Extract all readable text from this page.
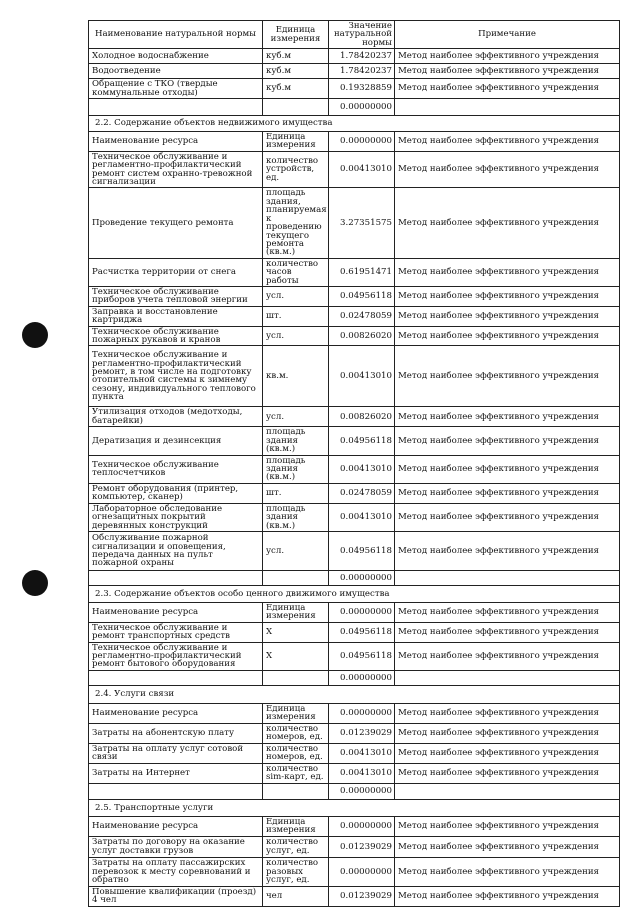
Наименование натуральной нормы	Единица измерения	Значение натуральной нормы	Примечание
Холодное водоснабжение	куб.м	1.78420237	Метод наиболее эффективного учреждения
Водоотведение	куб.м	1.78420237	Метод наиболее эффективного учреждения
Обращение с ТКО (твердые коммунальные отходы)	куб.м	0.19328859	Метод наиболее эффективного учреждения
		0.00000000	
2.2. Содержание объектов недвижимого имущества			
Наименование ресурса	Единица измерения	0.00000000	Метод наиболее эффективного учреждения
Техническое обслуживание и регламентно-профилактический ремонт систем охранно-тревожной сигнализации	количество устройств, ед.	0.00413010	Метод наиболее эффективного учреждения
Проведение текущего ремонта	площадь здания, планируемая к проведению текущего ремонта (кв.м.)	3.27351575	Метод наиболее эффективного учреждения
Расчистка территории от снега	количество часов работы	0.61951471	Метод наиболее эффективного учреждения
Техническое обслуживание приборов учета тепловой энергии	усл.	0.04956118	Метод наиболее эффективного учреждения
Заправка и восстановление картриджа	шт.	0.02478059	Метод наиболее эффективного учреждения
Техническое обслуживание пожарных рукавов и кранов	усл.	0.00826020	Метод наиболее эффективного учреждения
Техническое обслуживание и регламентно-профилактический ремонт, в том числе на подготовку отопительной системы к зимнему сезону, индивидуального теплового пункта	кв.м.	0.00413010	Метод наиболее эффективного учреждения
Утилизация отходов (медотходы, батарейки)	усл.	0.00826020	Метод наиболее эффективного учреждения
Дератизация и дезинсекция	площадь здания (кв.м.)	0.04956118	Метод наиболее эффективного учреждения
Техническое обслуживание теплосчетчиков	площадь здания (кв.м.)	0.00413010	Метод наиболее эффективного учреждения
Ремонт оборудования (принтер, компьютер, сканер)	шт.	0.02478059	Метод наиболее эффективного учреждения
Лабораторное обследование огнезащитных покрытий деревянных конструкций	площадь здания (кв.м.)	0.00413010	Метод наиболее эффективного учреждения
Обслуживание пожарной сигнализации и оповещения, передача данных на пульт пожарной охраны	усл.	0.04956118	Метод наиболее эффективного учреждения
		0.00000000	
2.3. Содержание объектов особо ценного движимого имущества			
Наименование ресурса	Единица измерения	0.00000000	Метод наиболее эффективного учреждения
Техническое обслуживание и ремонт транспортных средств	Х	0.04956118	Метод наиболее эффективного учреждения
Техническое обслуживание и регламентно-профилактический ремонт бытового оборудования	Х	0.04956118	Метод наиболее эффективного учреждения
		0.00000000	
2.4. Услуги связи			
Наименование ресурса	Единица измерения	0.00000000	Метод наиболее эффективного учреждения
Затраты на абонентскую плату	количество номеров, ед.	0.01239029	Метод наиболее эффективного учреждения
Затраты на оплату услуг сотовой связи	количество номеров, ед.	0.00413010	Метод наиболее эффективного учреждения
Затраты на Интернет	количество sim-карт, ед.	0.00413010	Метод наиболее эффективного учреждения
		0.00000000	
2.5. Транспортные услуги			
Наименование ресурса	Единица измерения	0.00000000	Метод наиболее эффективного учреждения
Затраты по договору на оказание услуг доставки грузов	количество услуг, ед.	0.01239029	Метод наиболее эффективного учреждения
Затраты на оплату пассажирских перевозок к месту соревнований и обратно	количество разовых услуг, ед.	0.00000000	Метод наиболее эффективного учреждения
Повышение квалификации (проезд) 4 чел	чел	0.01239029	Метод наиболее эффективного учреждения
